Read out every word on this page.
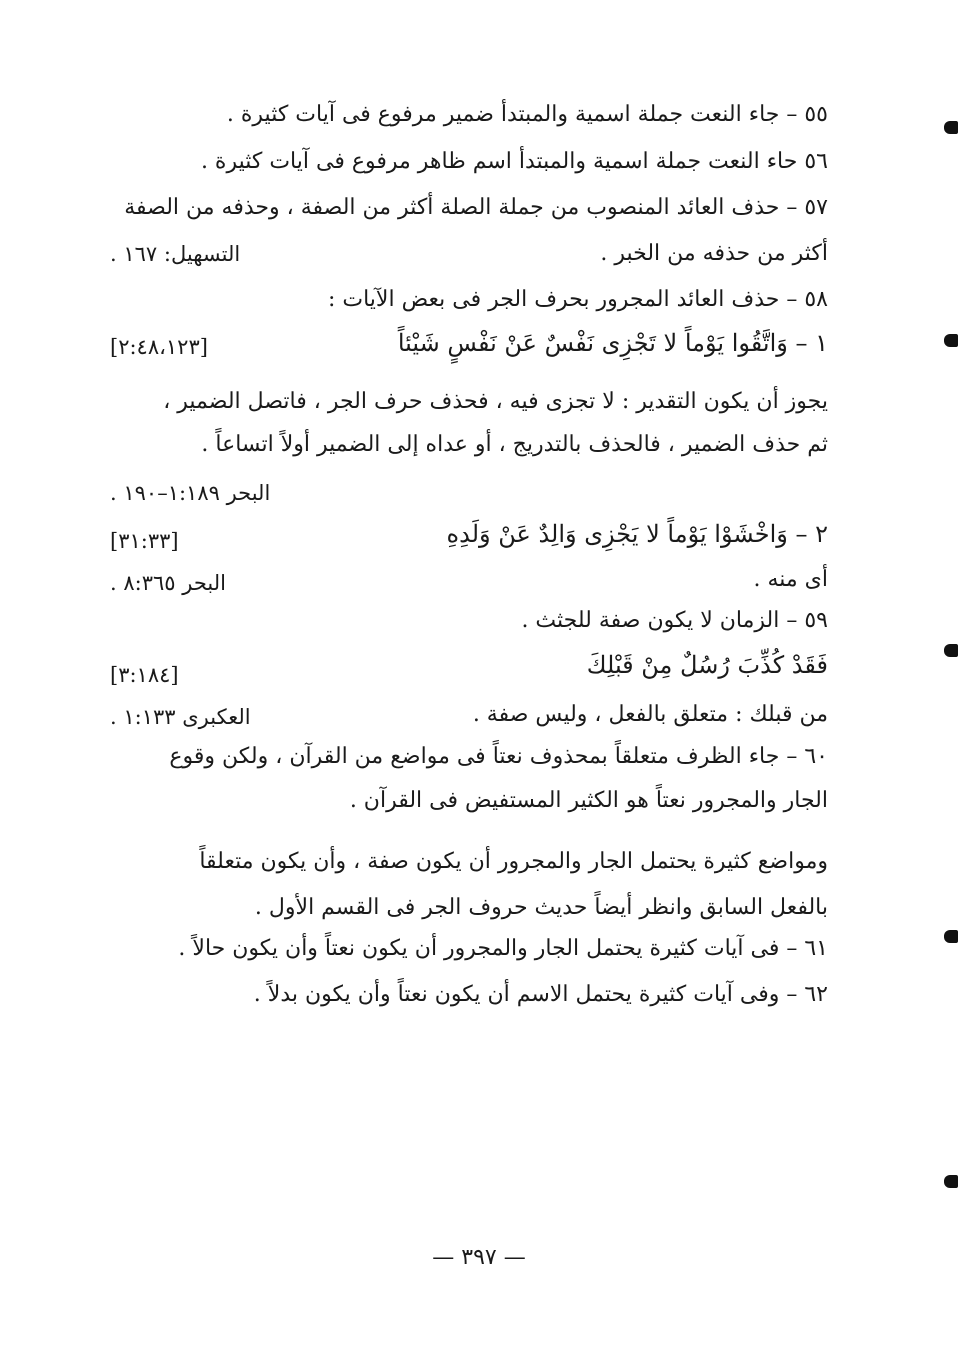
٥٥ – جاء النعت جملة اسمية والمبتدأ ضمير مرفوع فى آيات كثيرة .
٥٦ حاء النعت جملة اسمية والمبتدأ اسم ظاهر مرفوع فى آيات كثيرة .
٥٧ – حذف العائد المنصوب من جملة الصلة أكثر من الصفة ، وحذفه من الصفة
أكثر من حذفه من الخبر .
التسهيل: ١٦٧ .
٥٨ – حذف العائد المجرور بحرف الجر فى بعض الآيات :
١ – وَاتَّقُوا يَوْماً لا تَجْزِى نَفْسٌ عَنْ نَفْسٍ شَيْئاً
[٢:٤٨،١٢٣]
يجوز أن يكون التقدير : لا تجزى فيه ، فحذف حرف الجر ، فاتصل الضمير ،
ثم حذف الضمير ، فالحذف بالتدريج ، أو عداه إلى الضمير أولاً اتساعاً .
البحر ١:١٨٩–١٩٠ .
٢ – وَاخْشَوْا يَوْماً لا يَجْزِى وَالِدٌ عَنْ وَلَدِهِ
[٣١:٣٣]
أى منه .
البحر ٨:٣٦٥ .
٥٩ – الزمان لا يكون صفة للجثث .
فَقَدْ كُذِّبَ رُسُلٌ مِنْ قَبْلِكَ
[٣:١٨٤]
من قبلك : متعلق بالفعل ، وليس صفة .
العكبرى ١:١٣٣ .
٦٠ – جاء الظرف متعلقاً بمحذوف نعتاً فى مواضع من القرآن ، ولكن وقوع
الجار والمجرور نعتاً هو الكثير المستفيض فى القرآن .
ومواضع كثيرة يحتمل الجار والمجرور أن يكون صفة ، وأن يكون متعلقاً
بالفعل السابق وانظر أيضاً حديث حروف الجر فى القسم الأول .
٦١ – فى آيات كثيرة يحتمل الجار والمجرور أن يكون نعتاً وأن يكون حالاً .
٦٢ – وفى آيات كثيرة يحتمل الاسم أن يكون نعتاً وأن يكون بدلاً .
— ٣٩٧ —
